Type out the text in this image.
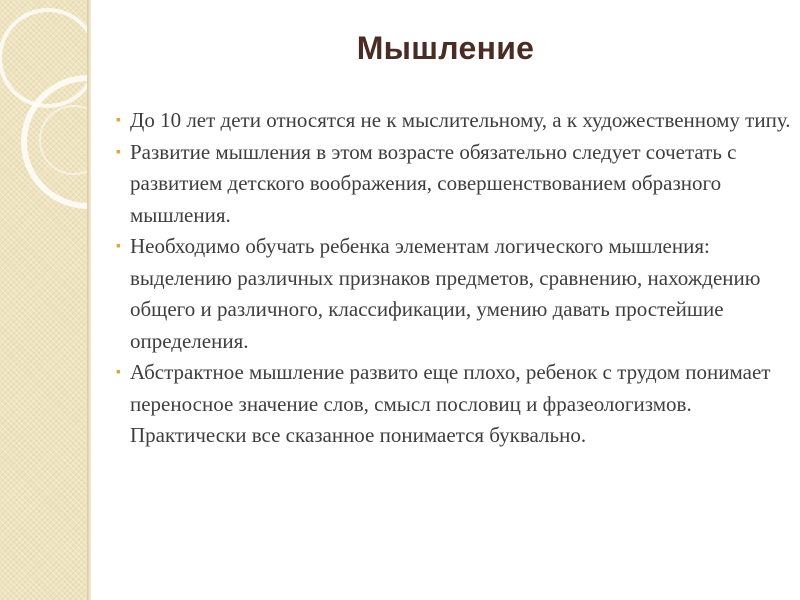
Мышление
▪ До 10 лет дети относятся не к мыслительному, а к художественному типу.
▪ Развитие мышления в этом возрасте обязательно следует сочетать с развитием детского воображения, совершенствованием образного мышления.
▪ Необходимо обучать ребенка элементам логического мышления: выделению различных признаков предметов, сравнению, нахождению общего и различного, классификации, умению давать простейшие определения.
▪ Абстрактное мышление развито еще плохо, ребенок с трудом понимает переносное значение слов, смысл пословиц и фразеологизмов. Практически все сказанное понимается буквально.
